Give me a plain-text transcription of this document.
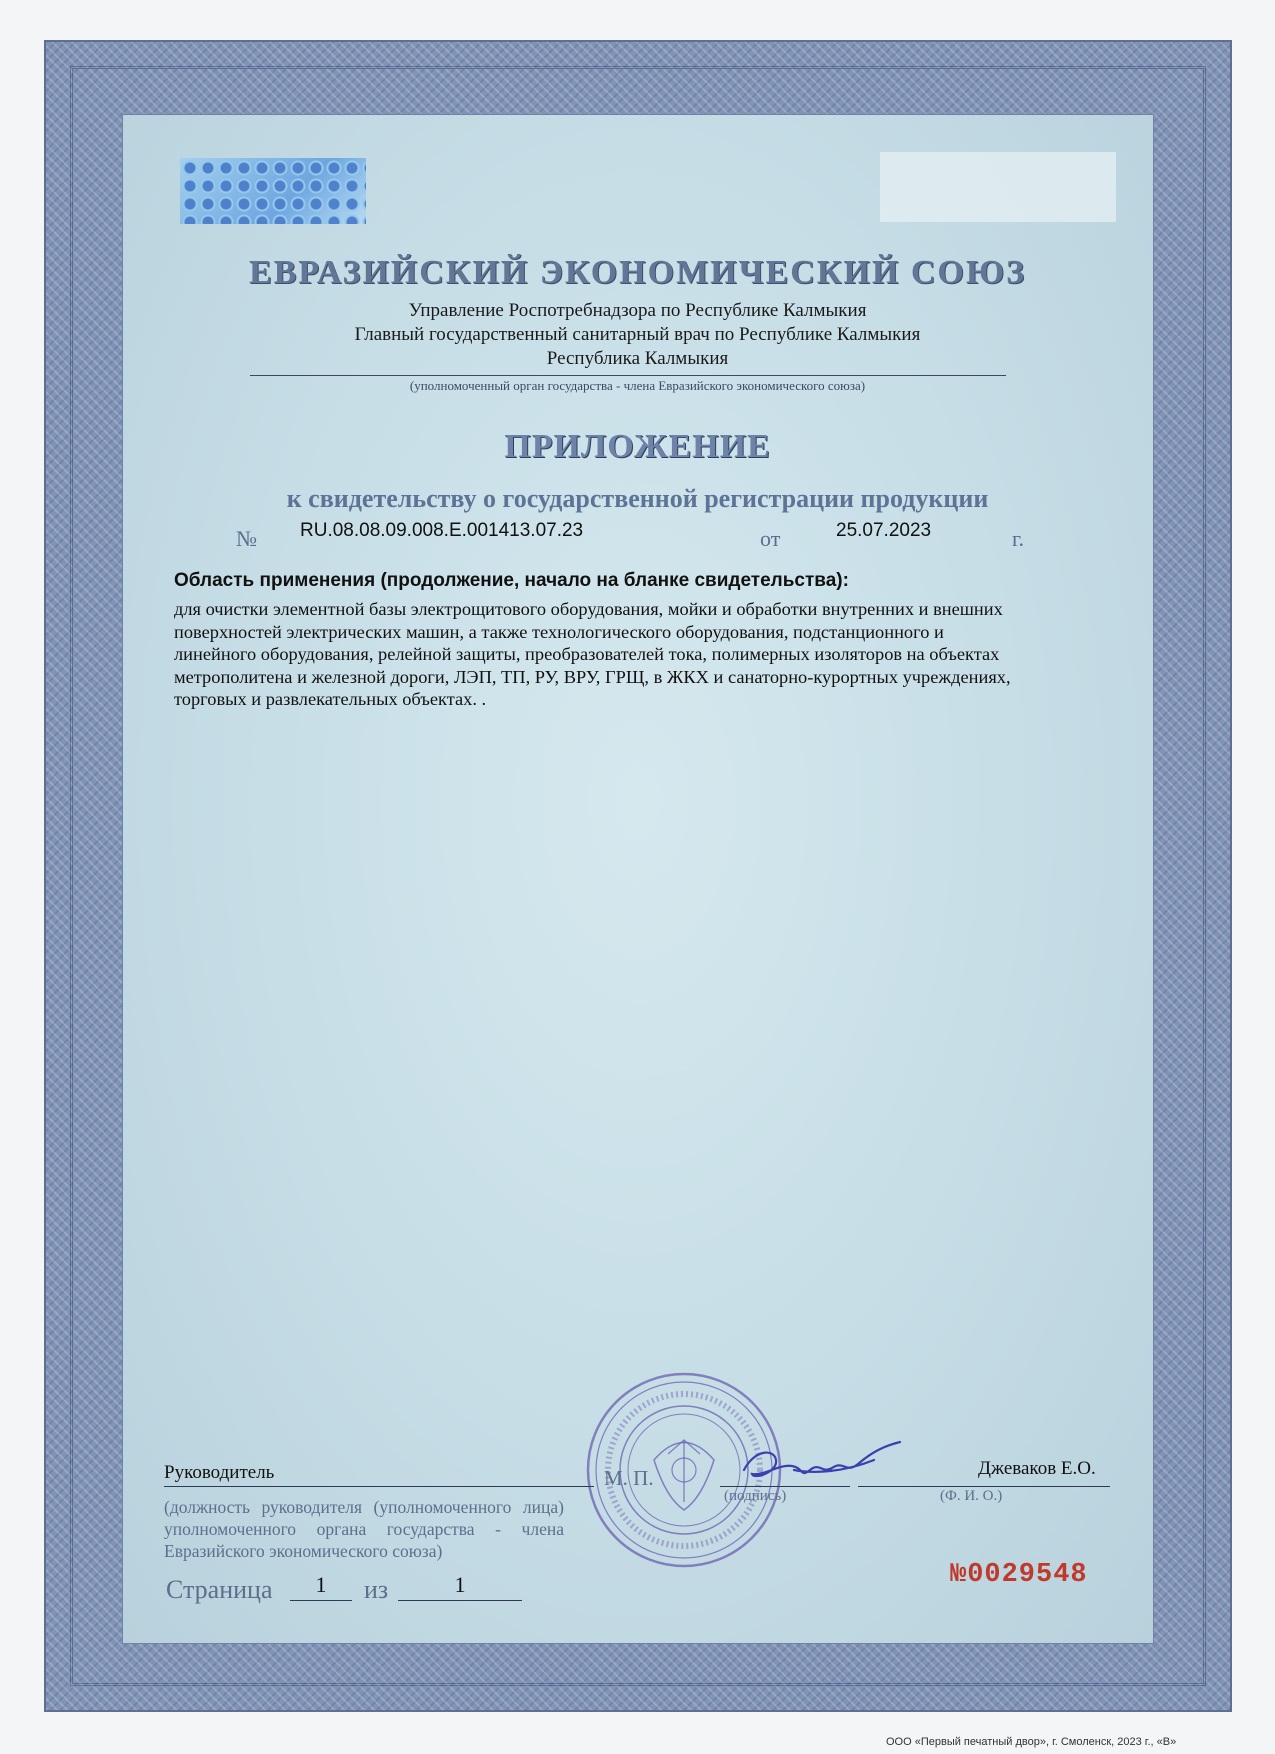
ЕВРАЗИЙСКИЙ ЭКОНОМИЧЕСКИЙ СОЮЗ
Управление Роспотребнадзора по Республике Калмыкия
Главный государственный санитарный врач по Республике Калмыкия
Республика Калмыкия
(уполномоченный орган государства - члена Евразийского экономического союза)
ПРИЛОЖЕНИЕ
к свидетельству о государственной регистрации продукции
№ RU.08.08.09.008.E.001413.07.23	от	25.07.2023	г.
Область применения (продолжение, начало на бланке свидетельства):
для очистки элементной базы электрощитового оборудования, мойки и обработки внутренних и внешних
поверхностей электрических машин, а также технологического оборудования, подстанционного и
линейного оборудования, релейной защиты, преобразователей тока, полимерных изоляторов на объектах
метрополитена и железной дороги, ЛЭП, ТП, РУ, ВРУ, ГРЩ, в ЖКХ и санаторно-курортных учреждениях,
торговых и развлекательных объектах. .
Руководитель	М. П.	Джеваков Е.О.
(должность руководителя (уполномоченного лица) уполномоченного органа государства - члена Евразийского экономического союза)
(подпись)	(Ф. И. О.)
Страница	1	из	1	№0029548
ООО «Первый печатный двор», г. Смоленск, 2023 г., «В»
